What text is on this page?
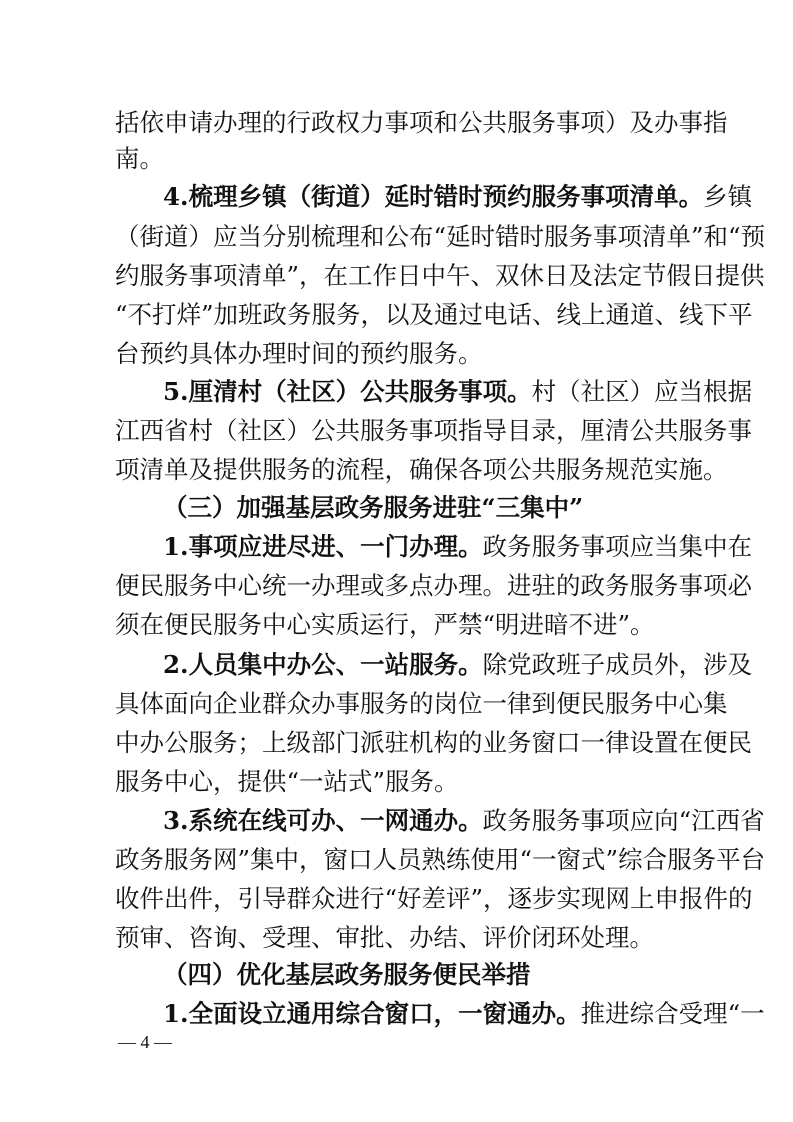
括依申请办理的行政权力事项和公共服务事项）及办事指
南。
4.梳理乡镇（街道）延时错时预约服务事项清单。乡镇
（街道）应当分别梳理和公布“延时错时服务事项清单”和“预
约服务事项清单”，在工作日中午、双休日及法定节假日提供
“不打烊”加班政务服务，以及通过电话、线上通道、线下平
台预约具体办理时间的预约服务。
5.厘清村（社区）公共服务事项。村（社区）应当根据
江西省村（社区）公共服务事项指导目录，厘清公共服务事
项清单及提供服务的流程，确保各项公共服务规范实施。
（三）加强基层政务服务进驻“三集中”
1.事项应进尽进、一门办理。政务服务事项应当集中在
便民服务中心统一办理或多点办理。进驻的政务服务事项必
须在便民服务中心实质运行，严禁“明进暗不进”。
2.人员集中办公、一站服务。除党政班子成员外，涉及
具体面向企业群众办事服务的岗位一律到便民服务中心集
中办公服务；上级部门派驻机构的业务窗口一律设置在便民
服务中心，提供“一站式”服务。
3.系统在线可办、一网通办。政务服务事项应向“江西省
政务服务网”集中，窗口人员熟练使用“一窗式”综合服务平台
收件出件，引导群众进行“好差评”，逐步实现网上申报件的
预审、咨询、受理、审批、办结、评价闭环处理。
（四）优化基层政务服务便民举措
1.全面设立通用综合窗口，一窗通办。推进综合受理“一
— 4 —
